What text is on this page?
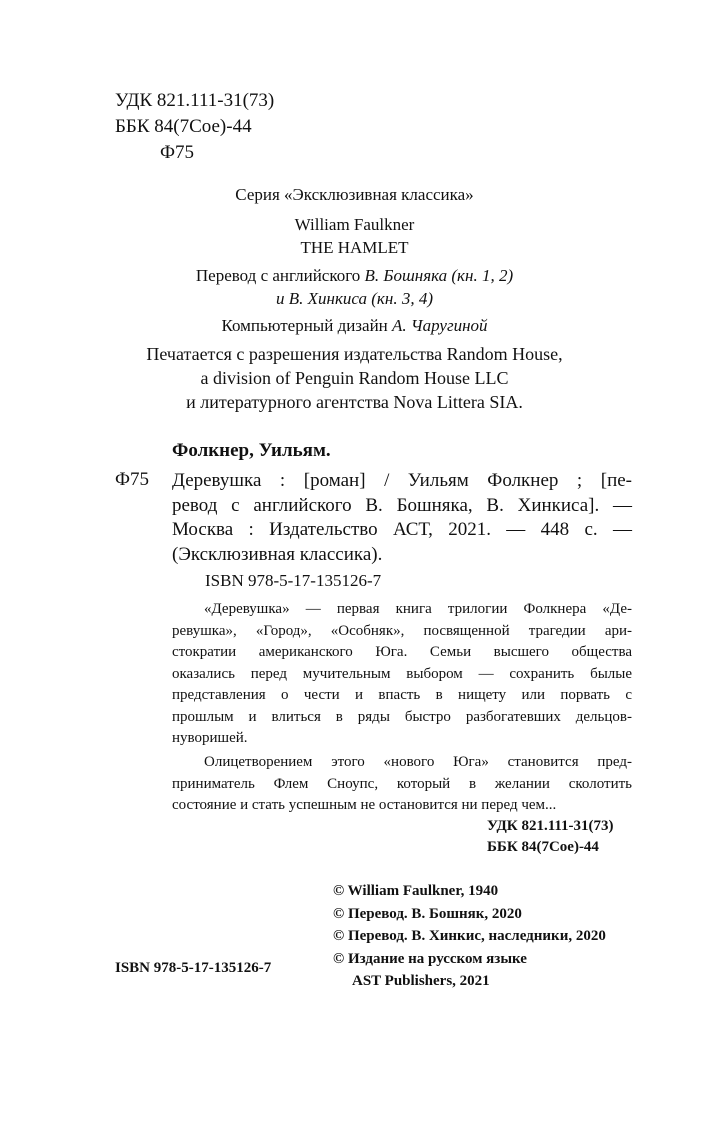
УДК 821.111-31(73)
ББК 84(7Сое)-44
Ф75
Серия «Эксклюзивная классика»
William Faulkner
THE HAMLET
Перевод с английского В. Бошняка (кн. 1, 2)
и В. Хинкиса (кн. 3, 4)
Компьютерный дизайн А. Чаругиной
Печатается с разрешения издательства Random House,
a division of Penguin Random House LLC
и литературного агентства Nova Littera SIA.
Фолкнер, Уильям.
Ф75 Деревушка : [роман] / Уильям Фолкнер ; [пе-
ревод с английского В. Бошняка, В. Хинкиса]. —
Москва : Издательство АСТ, 2021. — 448 с. —
(Эксклюзивная классика).
ISBN 978-5-17-135126-7
«Деревушка» — первая книга трилогии Фолкнера «Де-
ревушка», «Город», «Особняк», посвященной трагедии ари-
стократии американского Юга. Семьи высшего общества
оказались перед мучительным выбором — сохранить былые
представления о чести и впасть в нищету или порвать с
прошлым и влиться в ряды быстро разбогатевших дельцов-
нуворишей.
Олицетворением этого «нового Юга» становится пред-
приниматель Флем Сноупс, который в желании сколотить
состояние и стать успешным не остановится ни перед чем...
УДК 821.111-31(73)
ББК 84(7Сое)-44
© William Faulkner, 1940
© Перевод. В. Бошняк, 2020
© Перевод. В. Хинкис, наследники, 2020
© Издание на русском языке
AST Publishers, 2021
ISBN 978-5-17-135126-7
